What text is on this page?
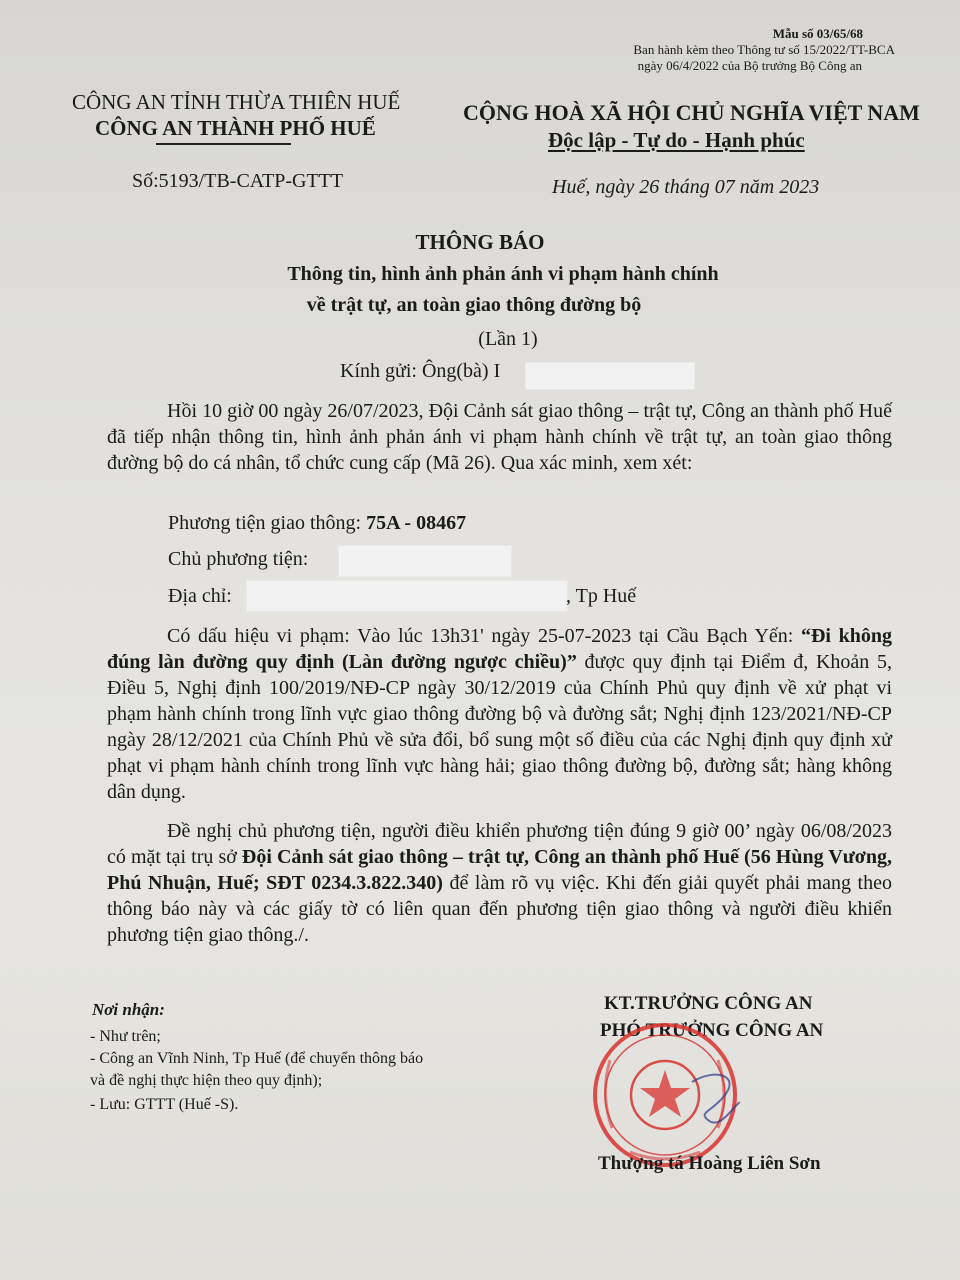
Mẫu số 03/65/68
Ban hành kèm theo Thông tư số 15/2022/TT-BCA
ngày 06/4/2022 của Bộ trưởng Bộ Công an
CÔNG AN TỈNH THỪA THIÊN HUẾ
CÔNG AN THÀNH PHỐ HUẾ
Số:5193/TB-CATP-GTTT
CỘNG HOÀ XÃ HỘI CHỦ NGHĨA VIỆT NAM
Độc lập - Tự do - Hạnh phúc
Huế, ngày 26 tháng 07 năm 2023
THÔNG BÁO
Thông tin, hình ảnh phản ánh vi phạm hành chính
về trật tự, an toàn giao thông đường bộ
(Lần 1)
Kính gửi: Ông(bà) I
Hồi 10 giờ 00 ngày 26/07/2023, Đội Cảnh sát giao thông – trật tự, Công an thành phố Huế đã tiếp nhận thông tin, hình ảnh phản ánh vi phạm hành chính về trật tự, an toàn giao thông đường bộ do cá nhân, tổ chức cung cấp (Mã 26). Qua xác minh, xem xét:
Phương tiện giao thông: 75A - 08467
Chủ phương tiện:
Địa chỉ:	, Tp Huế
Có dấu hiệu vi phạm: Vào lúc 13h31' ngày 25-07-2023 tại Cầu Bạch Yến: “Đi không đúng làn đường quy định (Làn đường ngược chiều)” được quy định tại Điểm đ, Khoản 5, Điều 5, Nghị định 100/2019/NĐ-CP ngày 30/12/2019 của Chính Phủ quy định về xử phạt vi phạm hành chính trong lĩnh vực giao thông đường bộ và đường sắt; Nghị định 123/2021/NĐ-CP ngày 28/12/2021 của Chính Phủ về sửa đổi, bổ sung một số điều của các Nghị định quy định xử phạt vi phạm hành chính trong lĩnh vực hàng hải; giao thông đường bộ, đường sắt; hàng không dân dụng.
Đề nghị chủ phương tiện, người điều khiển phương tiện đúng 9 giờ 00’ ngày 06/08/2023 có mặt tại trụ sở Đội Cảnh sát giao thông – trật tự, Công an thành phố Huế (56 Hùng Vương, Phú Nhuận, Huế; SĐT 0234.3.822.340) để làm rõ vụ việc. Khi đến giải quyết phải mang theo thông báo này và các giấy tờ có liên quan đến phương tiện giao thông và người điều khiển phương tiện giao thông./.
Nơi nhận:
- Như trên;
- Công an Vĩnh Ninh, Tp Huế (để chuyển thông báo
và đề nghị thực hiện theo quy định);
- Lưu: GTTT (Huế -S).
KT.TRƯỞNG CÔNG AN
PHÓ TRƯỞNG CÔNG AN
Thượng tá Hoàng Liên Sơn
